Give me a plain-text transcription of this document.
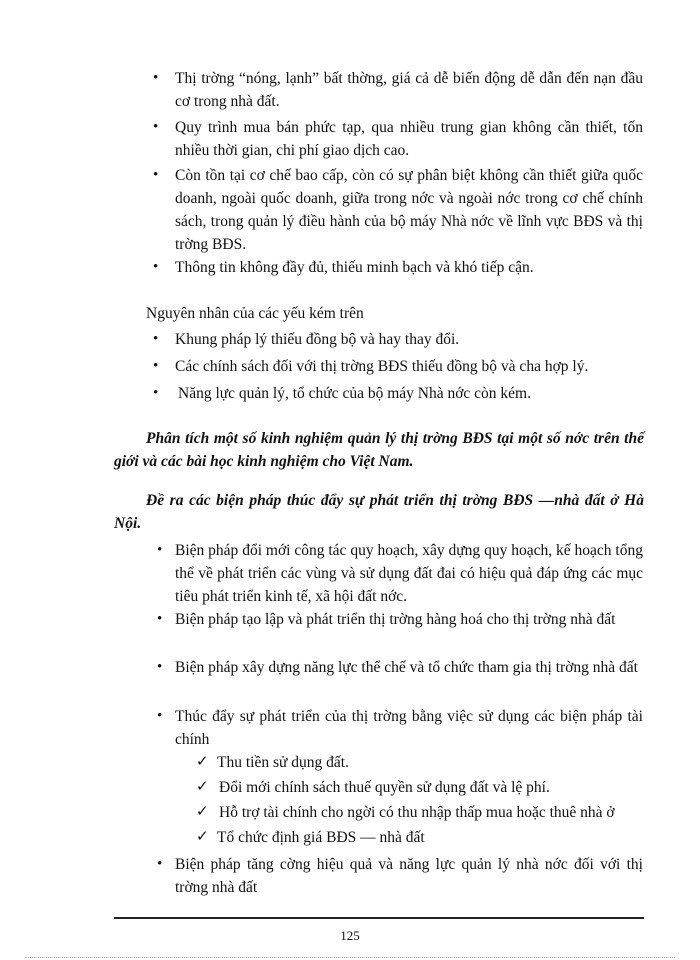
• Thị trờng “nóng, lạnh” bất thờng, giá cả dễ biến động dễ dẫn đến nạn đầu cơ trong nhà đất.
• Quy trình mua bán phức tạp, qua nhiều trung gian không cần thiết, tốn nhiều thời gian, chi phí giao dịch cao.
• Còn tồn tại cơ chế bao cấp, còn có sự phân biệt không cần thiết giữa quốc doanh, ngoài quốc doanh, giữa trong nớc và ngoài nớc trong cơ chế chính sách, trong quản lý điều hành của bộ máy Nhà nớc về lĩnh vực BĐS và thị trờng BĐS.
• Thông tin không đầy đủ, thiếu minh bạch và khó tiếp cận.
Nguyên nhân của các yếu kém trên
• Khung pháp lý thiếu đồng bộ và hay thay đổi.
• Các chính sách đối với thị trờng BĐS thiếu đồng bộ và cha hợp lý.
• Năng lực quản lý, tổ chức của bộ máy Nhà nớc còn kém.
Phân tích một số kinh nghiệm quản lý thị trờng BĐS tại một số nớc trên thế giới và các bài học kinh nghiệm cho Việt Nam.
Đề ra các biện pháp thúc đẩy sự phát triển thị trờng BĐS —nhà đất ở Hà Nội.
• Biện pháp đổi mới công tác quy hoạch, xây dựng quy hoạch, kế hoạch tổng thể về phát triển các vùng và sử dụng đất đai có hiệu quả đáp ứng các mục tiêu phát triển kinh tế, xã hội đất nớc.
• Biện pháp tạo lập và phát triển thị trờng hàng hoá cho thị trờng nhà đất
• Biện pháp xây dựng năng lực thể chế và tổ chức tham gia thị trờng nhà đất
• Thúc đẩy sự phát triển của thị trờng bằng việc sử dụng các biện pháp tài chính
✓ Thu tiền sử dụng đất.
✓ Đổi mới chính sách thuế quyền sử dụng đất và lệ phí.
✓ Hỗ trợ tài chính cho ngời có thu nhập thấp mua hoặc thuê nhà ở
✓ Tổ chức định giá BĐS — nhà đất
• Biện pháp tăng cờng hiệu quả và năng lực quản lý nhà nớc đối với thị trờng nhà đất
125
